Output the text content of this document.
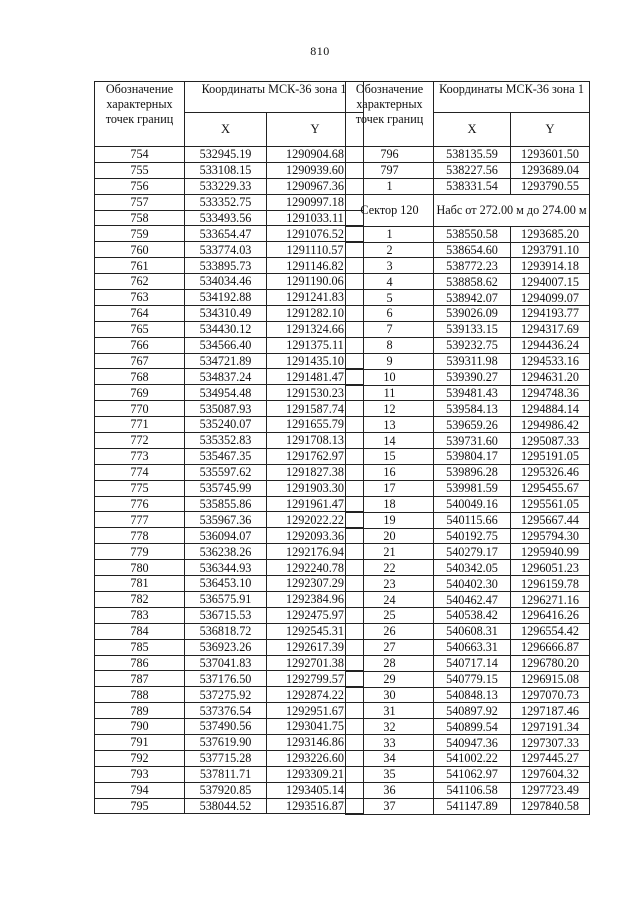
810
Обозначение характерных точек границ	Координаты МСК-36 зона 1	
	X	Y
754	532945.19	1290904.68
755	533108.15	1290939.60
756	533229.33	1290967.36
757	533352.75	1290997.18
758	533493.56	1291033.11
759	533654.47	1291076.52
760	533774.03	1291110.57
761	533895.73	1291146.82
762	534034.46	1291190.06
763	534192.88	1291241.83
764	534310.49	1291282.10
765	534430.12	1291324.66
766	534566.40	1291375.11
767	534721.89	1291435.10
768	534837.24	1291481.47
769	534954.48	1291530.23
770	535087.93	1291587.74
771	535240.07	1291655.79
772	535352.83	1291708.13
773	535467.35	1291762.97
774	535597.62	1291827.38
775	535745.99	1291903.30
776	535855.86	1291961.47
777	535967.36	1292022.22
778	536094.07	1292093.36
779	536238.26	1292176.94
780	536344.93	1292240.78
781	536453.10	1292307.29
782	536575.91	1292384.96
783	536715.53	1292475.97
784	536818.72	1292545.31
785	536923.26	1292617.39
786	537041.83	1292701.38
787	537176.50	1292799.57
788	537275.92	1292874.22
789	537376.54	1292951.67
790	537490.56	1293041.75
791	537619.90	1293146.86
792	537715.28	1293226.60
793	537811.71	1293309.21
794	537920.85	1293405.14
795	538044.52	1293516.87
Обозначение характерных точек границ	Координаты МСК-36 зона 1	
	X	Y
796	538135.59	1293601.50
797	538227.56	1293689.04
1	538331.54	1293790.55
Сектор 120	Набс от 272.00 м до 274.00 м	
1	538550.58	1293685.20
2	538654.60	1293791.10
3	538772.23	1293914.18
4	538858.62	1294007.15
5	538942.07	1294099.07
6	539026.09	1294193.77
7	539133.15	1294317.69
8	539232.75	1294436.24
9	539311.98	1294533.16
10	539390.27	1294631.20
11	539481.43	1294748.36
12	539584.13	1294884.14
13	539659.26	1294986.42
14	539731.60	1295087.33
15	539804.17	1295191.05
16	539896.28	1295326.46
17	539981.59	1295455.67
18	540049.16	1295561.05
19	540115.66	1295667.44
20	540192.75	1295794.30
21	540279.17	1295940.99
22	540342.05	1296051.23
23	540402.30	1296159.78
24	540462.47	1296271.16
25	540538.42	1296416.26
26	540608.31	1296554.42
27	540663.31	1296666.87
28	540717.14	1296780.20
29	540779.15	1296915.08
30	540848.13	1297070.73
31	540897.92	1297187.46
32	540899.54	1297191.34
33	540947.36	1297307.33
34	541002.22	1297445.27
35	541062.97	1297604.32
36	541106.58	1297723.49
37	541147.89	1297840.58
